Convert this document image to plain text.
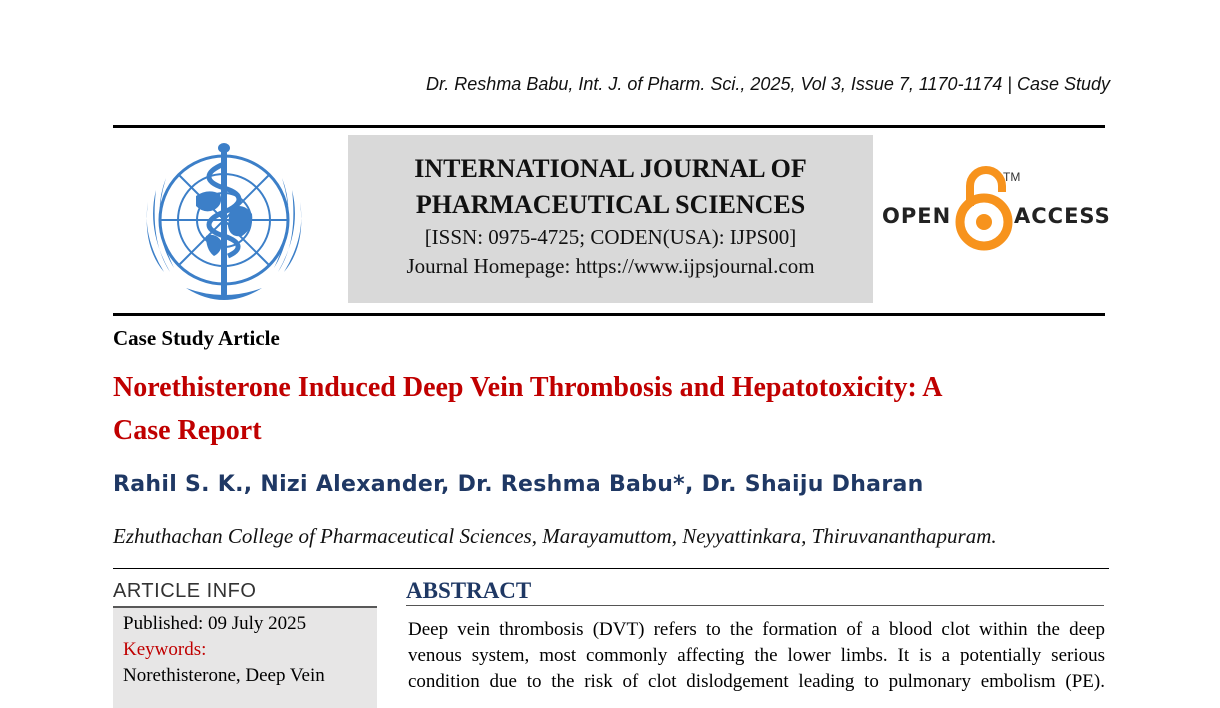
Dr. Reshma Babu, Int. J. of Pharm. Sci., 2025, Vol 3, Issue 7, 1170-1174 | Case Study
INTERNATIONAL JOURNAL OF
PHARMACEUTICAL SCIENCES
[ISSN: 0975-4725; CODEN(USA): IJPS00]
Journal Homepage: https://www.ijpsjournal.com
OPEN
TM
ACCESS
Case Study Article
Norethisterone Induced Deep Vein Thrombosis and Hepatotoxicity: A
Case Report
Rahil S. K., Nizi Alexander, Dr. Reshma Babu*, Dr. Shaiju Dharan
Ezhuthachan College of Pharmaceutical Sciences, Marayamuttom, Neyyattinkara, Thiruvananthapuram.
ARTICLE INFO
Published: 09 July 2025
Keywords:
Norethisterone, Deep Vein
ABSTRACT
Deep vein thrombosis (DVT) refers to the formation of a blood clot within the deep
venous system, most commonly affecting the lower limbs. It is a potentially serious
condition due to the risk of clot dislodgement leading to pulmonary embolism (PE).
